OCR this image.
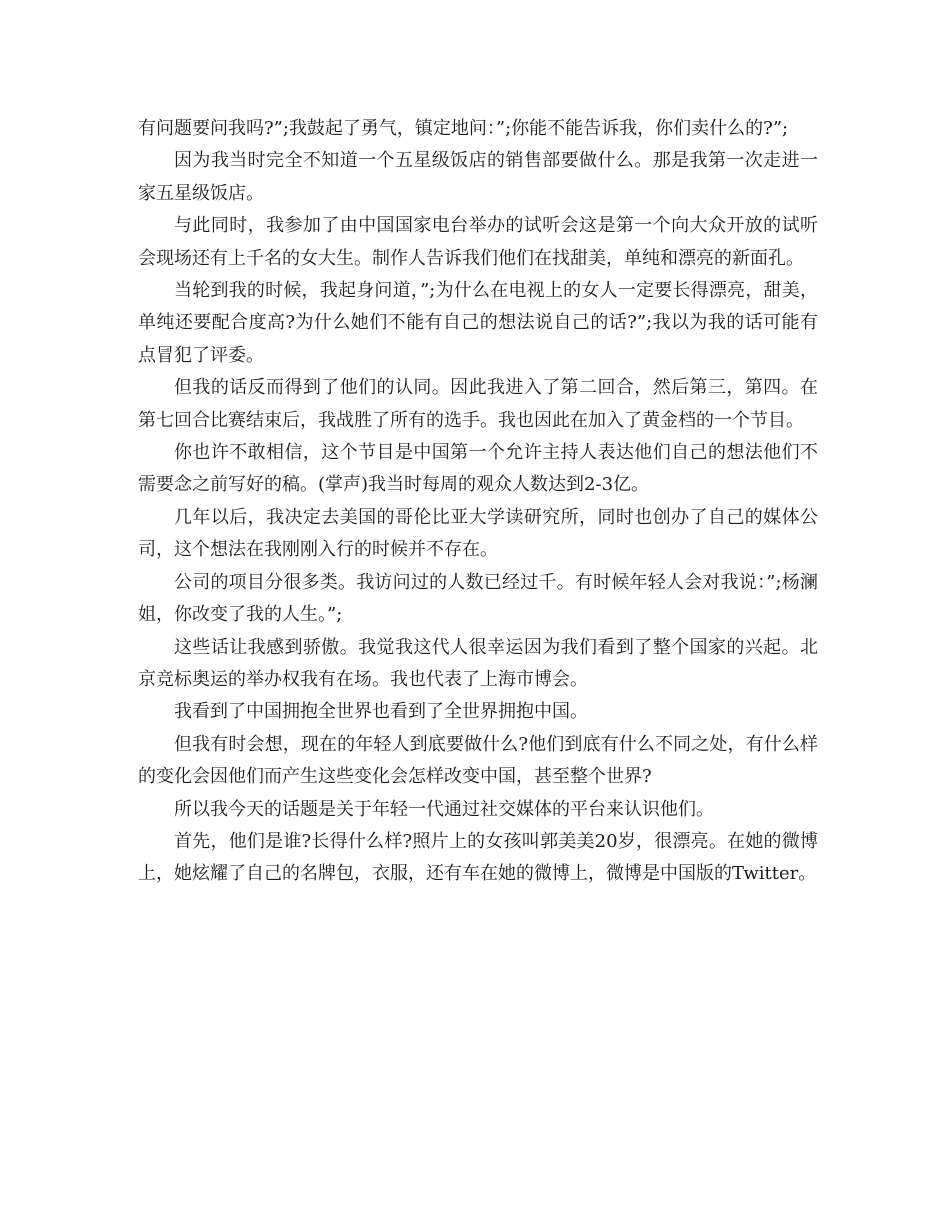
有问题要问我吗?”;我鼓起了勇气，镇定地问：”;你能不能告诉我，你们卖什么的?”;

因为我当时完全不知道一个五星级饭店的销售部要做什么。那是我第一次走进一家五星级饭店。

与此同时，我参加了由中国国家电台举办的试听会这是第一个向大众开放的试听会现场还有上千名的女大生。制作人告诉我们他们在找甜美，单纯和漂亮的新面孔。

当轮到我的时候，我起身问道，”;为什么在电视上的女人一定要长得漂亮，甜美，单纯还要配合度高?为什么她们不能有自己的想法说自己的话?”;我以为我的话可能有点冒犯了评委。

但我的话反而得到了他们的认同。因此我进入了第二回合，然后第三，第四。在第七回合比赛结束后，我战胜了所有的选手。我也因此在加入了黄金档的一个节目。

你也许不敢相信，这个节目是中国第一个允许主持人表达他们自己的想法他们不需要念之前写好的稿。(掌声)我当时每周的观众人数达到2-3亿。

几年以后，我决定去美国的哥伦比亚大学读研究所，同时也创办了自己的媒体公司，这个想法在我刚刚入行的时候并不存在。

公司的项目分很多类。我访问过的人数已经过千。有时候年轻人会对我说：”;杨澜姐，你改变了我的人生。”;

这些话让我感到骄傲。我觉我这代人很幸运因为我们看到了整个国家的兴起。北京竞标奥运的举办权我有在场。我也代表了上海市博会。

我看到了中国拥抱全世界也看到了全世界拥抱中国。

但我有时会想，现在的年轻人到底要做什么?他们到底有什么不同之处，有什么样的变化会因他们而产生这些变化会怎样改变中国，甚至整个世界?

所以我今天的话题是关于年轻一代通过社交媒体的平台来认识他们。

首先，他们是谁?长得什么样?照片上的女孩叫郭美美20岁，很漂亮。在她的微博上，她炫耀了自己的名牌包，衣服，还有车在她的微博上，微博是中国版的Twitter。
